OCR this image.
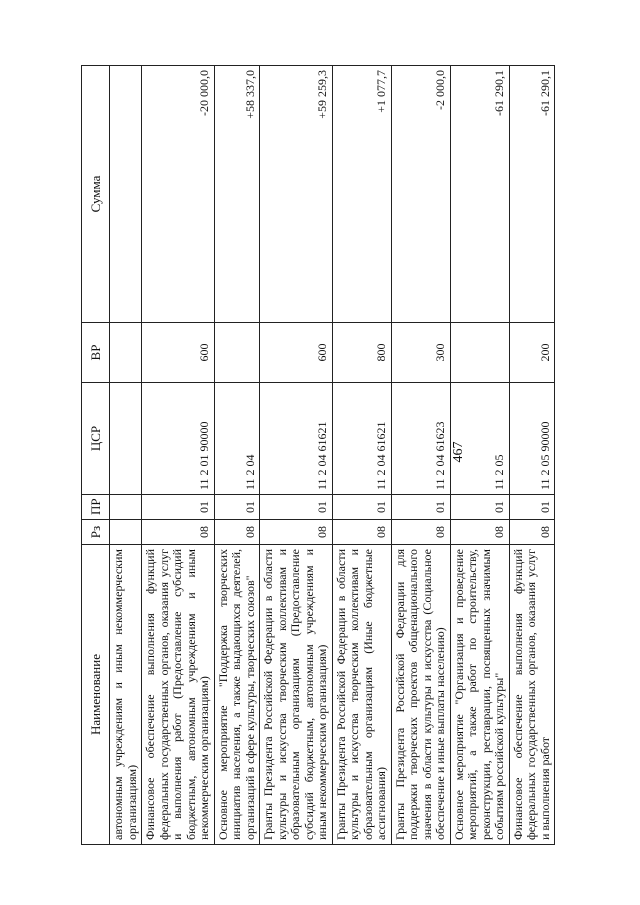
467
Наименование	Рз	ПР	ЦСР	ВР	Сумма
автономным учреждениям и иным некоммерческим организациям)					
Финансовое обеспечение выполнения функций федеральных государственных органов, оказания услуг и выполнения работ (Предоставление субсидий бюджетным, автономным учреждениям и иным некоммерческим организациям)	08	01	11 2 01 90000	600	-20 000,0
Основное мероприятие "Поддержка творческих инициатив населения, а также выдающихся деятелей, организаций в сфере культуры, творческих союзов"	08	01	11 2 04		+58 337,0
Гранты Президента Российской Федерации в области культуры и искусства творческим коллективам и образовательным организациям (Предоставление субсидий бюджетным, автономным учреждениям и иным некоммерческим организациям)	08	01	11 2 04 61621	600	+59 259,3
Гранты Президента Российской Федерации в области культуры и искусства творческим коллективам и образовательным организациям (Иные бюджетные ассигнования)	08	01	11 2 04 61621	800	+1 077,7
Гранты Президента Российской Федерации для поддержки творческих проектов общенационального значения в области культуры и искусства (Социальное обеспечение и иные выплаты населению)	08	01	11 2 04 61623	300	-2 000,0
Основное мероприятие "Организация и проведение мероприятий, а также работ по строительству, реконструкции, реставрации, посвященных значимым событиям российской культуры"	08	01	11 2 05		-61 290,1
Финансовое обеспечение выполнения функций федеральных государственных органов, оказания услуг и выполнения работ	08	01	11 2 05 90000	200	-61 290,1
